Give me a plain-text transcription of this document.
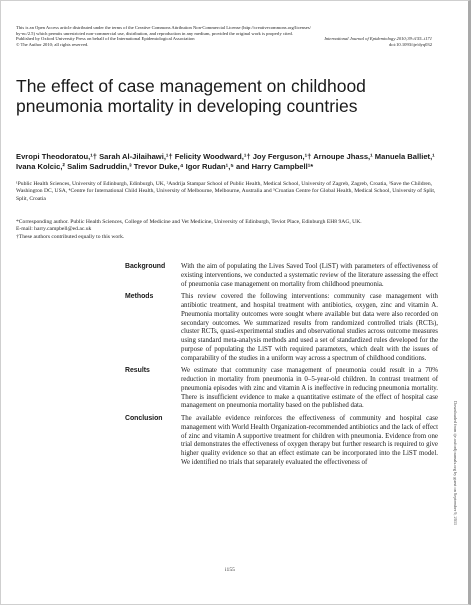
This is an Open Access article distributed under the terms of the Creative Commons Attribution Non-Commercial License (http://creativecommons.org/licenses/

by-nc/2.5) which permits unrestricted non-commercial use, distribution, and reproduction in any medium, provided the original work is properly cited.

Published by Oxford University Press on behalf of the International Epidemiological Association	International Journal of Epidemiology 2010;39:i155–i171
© The Author 2010; all rights reserved.	doi:10.1093/ije/dyq032
The effect of case management on childhood pneumonia mortality in developing countries
Evropi Theodoratou,¹† Sarah Al-Jilaihawi,¹† Felicity Woodward,¹† Joy Ferguson,¹† Arnoupe Jhass,¹ Manuela Balliet,¹ Ivana Kolcic,² Salim Sadruddin,³ Trevor Duke,⁴ Igor Rudan¹,⁵ and Harry Campbell¹*

¹Public Health Sciences, University of Edinburgh, Edinburgh, UK, ²Andrija Stampar School of Public Health, Medical School, University of Zagreb, Zagreb, Croatia, ³Save the Children, Washington DC, USA, ⁴Centre for International Child Health, University of Melbourne, Melbourne, Australia and ⁵Croatian Centre for Global Health, Medical School, University of Split, Split, Croatia

*Corresponding author. Public Health Sciences, College of Medicine and Vet Medicine, University of Edinburgh, Teviot Place, Edinburgh EH8 9AG, UK.

E-mail: harry.campbell@ed.ac.uk

†These authors contributed equally to this work.

Background	With the aim of populating the Lives Saved Tool (LiST) with parameters of effectiveness of existing interventions, we conducted a systematic review of the literature assessing the effect of pneumonia case management on mortality from childhood pneumonia.
Methods	This review covered the following interventions: community case management with antibiotic treatment, and hospital treatment with antibiotics, oxygen, zinc and vitamin A. Pneumonia mortality outcomes were sought where available but data were also recorded on secondary outcomes. We summarized results from randomized controlled trials (RCTs), cluster RCTs, quasi-experimental studies and observational studies across outcome measures using standard meta-analysis methods and used a set of standardized rules developed for the purpose of populating the LiST with required parameters, which dealt with the issues of comparability of the studies in a uniform way across a spectrum of childhood conditions.
Results	We estimate that community case management of pneumonia could result in a 70% reduction in mortality from pneumonia in 0–5-year-old children. In contrast treatment of pneumonia episodes with zinc and vitamin A is ineffective in reducing pneumonia mortality. There is insufficient evidence to make a quantitative estimate of the effect of hospital case management on pneumonia mortality based on the published data.
Conclusion	The available evidence reinforces the effectiveness of community and hospital case management with World Health Organization-recommended antibiotics and the lack of effect of zinc and vitamin A supportive treatment for children with pneumonia. Evidence from one trial demonstrates the effectiveness of oxygen therapy but further research is required to give higher quality evidence so that an effect estimate can be incorporated into the LiST model. We identified no trials that separately evaluated the effectiveness of
i155
Downloaded from ije.oxfordjournals.org by guest on September 9, 2011
